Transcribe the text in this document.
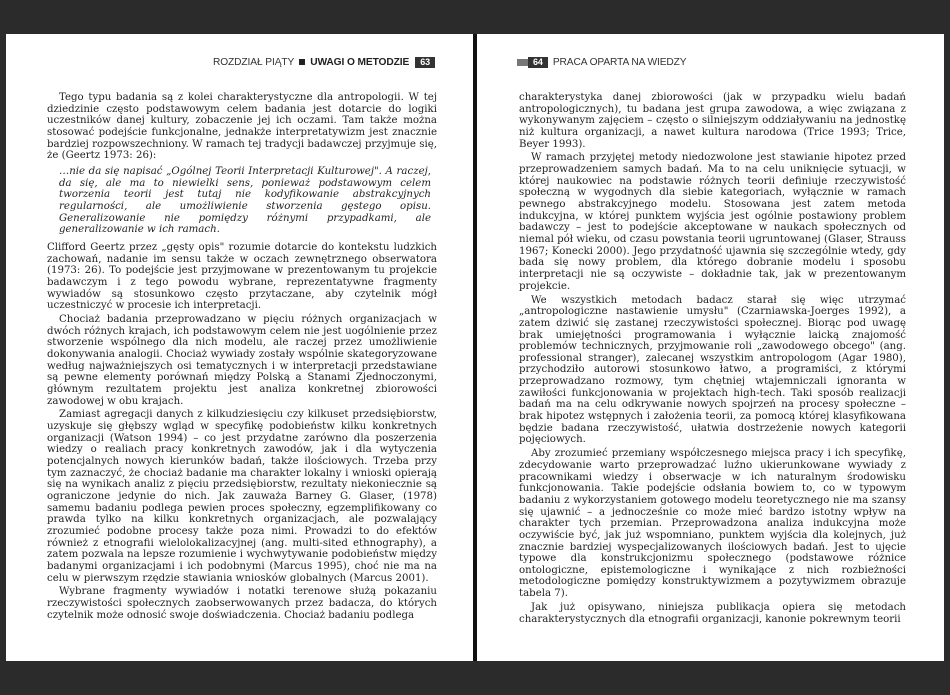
ROZDZIAŁ PIĄTY UWAGI O METODZIE	63

Tego typu badania są z kolei charakterystyczne dla antropologii. W tej dziedzinie często podstawowym celem badania jest dotarcie do logiki uczestników danej kultury, zobaczenie jej ich oczami. Tam także można stosować podejście funkcjonalne, jednakże interpretatywizm jest znacznie bardziej rozpowszechniony. W ramach tej tradycji badawczej przyjmuje się, że (Geertz 1973: 26):

…nie da się napisać „Ogólnej Teorii Interpretacji Kulturowej". A raczej, da się, ale ma to niewielki sens, ponieważ podstawowym celem tworzenia teorii jest tutaj nie kodyfikowanie abstrakcyjnych regularności, ale umożliwienie stworzenia gęstego opisu. Generalizowanie nie pomiędzy różnymi przypadkami, ale generalizowanie w ich ramach.

Clifford Geertz przez „gęsty opis" rozumie dotarcie do kontekstu ludzkich zachowań, nadanie im sensu także w oczach zewnętrznego obserwatora (1973: 26). To podejście jest przyjmowane w prezentowanym tu projekcie badawczym i z tego powodu wybrane, reprezentatywne fragmenty wywiadów są stosunkowo często przytaczane, aby czytelnik mógł uczestniczyć w procesie ich interpretacji.

Chociaż badania przeprowadzano w pięciu różnych organizacjach w dwóch różnych krajach, ich podstawowym celem nie jest uogólnienie przez stworzenie wspólnego dla nich modelu, ale raczej przez umożliwienie dokonywania analogii. Chociaż wywiady zostały wspólnie skategoryzowane według najważniejszych osi tematycznych i w interpretacji przedstawiane są pewne elementy porównań między Polską a Stanami Zjednoczonymi, głównym rezultatem projektu jest analiza konkretnej zbiorowości zawodowej w obu krajach.

Zamiast agregacji danych z kilkudziesięciu czy kilkuset przedsiębiorstw, uzyskuje się głębszy wgląd w specyfikę podobieństw kilku konkretnych organizacji (Watson 1994) – co jest przydatne zarówno dla poszerzenia wiedzy o realiach pracy konkretnych zawodów, jak i dla wytyczenia potencjalnych nowych kierunków badań, także ilościowych. Trzeba przy tym zaznaczyć, że chociaż badanie ma charakter lokalny i wnioski opierają się na wynikach analiz z pięciu przedsiębiorstw, rezultaty niekoniecznie są ograniczone jedynie do nich. Jak zauważa Barney G. Glaser, (1978) samemu badaniu podlega pewien proces społeczny, egzemplifikowany co prawda tylko na kilku konkretnych organizacjach, ale pozwalający zrozumieć podobne procesy także poza nimi. Prowadzi to do efektów również z etnografii wielolokalizacyjnej (ang. multi-sited ethnography), a zatem pozwala na lepsze rozumienie i wychwytywanie podobieństw między badanymi organizacjami i ich podobnymi (Marcus 1995), choć nie ma na celu w pierwszym rzędzie stawiania wniosków globalnych (Marcus 2001).

Wybrane fragmenty wywiadów i notatki terenowe służą pokazaniu rzeczywistości społecznych zaobserwowanych przez badacza, do których czytelnik może odnosić swoje doświadczenia. Chociaż badaniu podlega

64 PRACA OPARTA NA WIEDZY

charakterystyka danej zbiorowości (jak w przypadku wielu badań antropologicznych), tu badana jest grupa zawodowa, a więc związana z wykonywanym zajęciem – często o silniejszym oddziaływaniu na jednostkę niż kultura organizacji, a nawet kultura narodowa (Trice 1993; Trice, Beyer 1993).

W ramach przyjętej metody niedozwolone jest stawianie hipotez przed przeprowadzeniem samych badań. Ma to na celu uniknięcie sytuacji, w której naukowiec na podstawie różnych teorii definiuje rzeczywistość społeczną w wygodnych dla siebie kategoriach, wyłącznie w ramach pewnego abstrakcyjnego modelu. Stosowana jest zatem metoda indukcyjna, w której punktem wyjścia jest ogólnie postawiony problem badawczy – jest to podejście akceptowane w naukach społecznych od niemal pół wieku, od czasu powstania teorii ugruntowanej (Glaser, Strauss 1967; Konecki 2000). Jego przydatność ujawnia się szczególnie wtedy, gdy bada się nowy problem, dla którego dobranie modelu i sposobu interpretacji nie są oczywiste – dokładnie tak, jak w prezentowanym projekcie.

We wszystkich metodach badacz starał się więc utrzymać „antropologiczne nastawienie umysłu" (Czarniawska-Joerges 1992), a zatem dziwić się zastanej rzeczywistości społecznej. Biorąc pod uwagę brak umiejętności programowania i wyłącznie laicką znajomość problemów technicznych, przyjmowanie roli „zawodowego obcego" (ang. professional stranger), zalecanej wszystkim antropologom (Agar 1980), przychodziło autorowi stosunkowo łatwo, a programiści, z którymi przeprowadzano rozmowy, tym chętniej wtajemniczali ignoranta w zawiłości funkcjonowania w projektach high-tech. Taki sposób realizacji badań ma na celu odkrywanie nowych spojrzeń na procesy społeczne – brak hipotez wstępnych i założenia teorii, za pomocą której klasyfikowana będzie badana rzeczywistość, ułatwia dostrzeżenie nowych kategorii pojęciowych.

Aby zrozumieć przemiany współczesnego miejsca pracy i ich specyfikę, zdecydowanie warto przeprowadzać luźno ukierunkowane wywiady z pracownikami wiedzy i obserwacje w ich naturalnym środowisku funkcjonowania. Takie podejście odsłania bowiem to, co w typowym badaniu z wykorzystaniem gotowego modelu teoretycznego nie ma szansy się ujawnić – a jednocześnie co może mieć bardzo istotny wpływ na charakter tych przemian. Przeprowadzona analiza indukcyjna może oczywiście być, jak już wspomniano, punktem wyjścia dla kolejnych, już znacznie bardziej wyspecjalizowanych ilościowych badań. Jest to ujęcie typowe dla konstrukcjonizmu społecznego (podstawowe różnice ontologiczne, epistemologiczne i wynikające z nich rozbieżności metodologiczne pomiędzy konstruktywizmem a pozytywizmem obrazuje tabela 7).

Jak już opisywano, niniejsza publikacja opiera się metodach charakterystycznych dla etnografii organizacji, kanonie pokrewnym teorii
